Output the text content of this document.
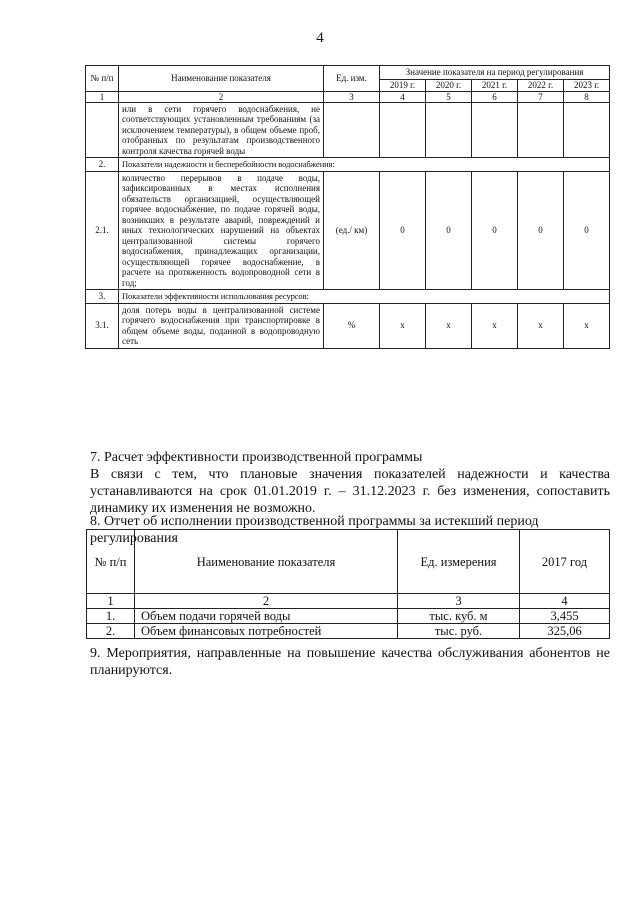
4
№ п/п	Наименование показателя	Ед. изм.	Значение показателя на период регулирования				
			2019 г.	2020 г.	2021 г.	2022 г.	2023 г.
1	2	3	4	5	6	7	8
	или в сети горячего водоснабжения, не соответствующих установленным требованиям (за исключением температуры), в общем объеме проб, отобранных по результатам производственного контроля качества горячей воды						
2.	Показатели надежности и бесперебойности водоснабжения:						
2.1.	количество перерывов в подаче воды, зафиксированных в местах исполнения обязательств организацией, осуществляющей горячее водоснабжение, по подаче горячей воды, возникших в результате аварий, повреждений и иных технологических нарушений на объектах централизованной системы горячего водоснабжения, принадлежащих организации, осуществляющей горячее водоснабжение, в расчете на протяженность водопроводной сети в год;	(ед./ км)	0	0	0	0	0
3.	Показатели эффективности использования ресурсов:						
3.1.	доля потерь воды в централизованной системе горячего водоснабжения при транспортировке в общем объеме воды, поданной в водопроводную сеть	%	x	x	x	x	x
7. Расчет эффективности производственной программы
В связи с тем, что плановые значения показателей надежности и качества устанавливаются на срок 01.01.2019 г. – 31.12.2023 г. без изменения, сопоставить динамику их изменения не возможно.
8. Отчет об исполнении производственной программы за истекший период регулирования
№ п/п	Наименование показателя	Ед. измерения	2017 год
1	2	3	4
1.	Объем подачи горячей воды	тыс. куб. м	3,455
2.	Объем финансовых потребностей	тыс. руб.	325,06
9. Мероприятия, направленные на повышение качества обслуживания абонентов не планируются.
